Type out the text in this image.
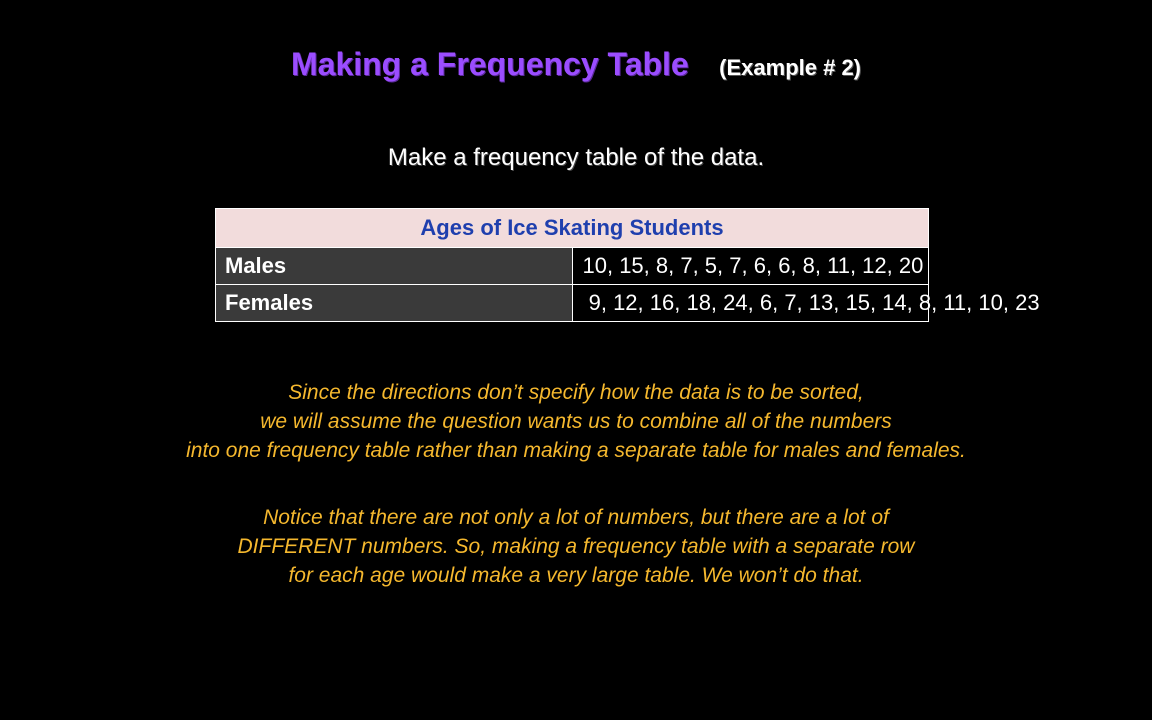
Making a Frequency Table (Example # 2)
Make a frequency table of the data.
Ages of Ice Skating Students	
Males	10, 15, 8, 7, 5, 7, 6, 6, 8, 11, 12, 20
Females	9, 12, 16, 18, 24, 6, 7, 13, 15, 14, 8, 11, 10, 23
Since the directions don’t specify how the data is to be sorted,
we will assume the question wants us to combine all of the numbers
into one frequency table rather than making a separate table for males and females.
Notice that there are not only a lot of numbers, but there are a lot of
DIFFERENT numbers. So, making a frequency table with a separate row
for each age would make a very large table. We won’t do that.
